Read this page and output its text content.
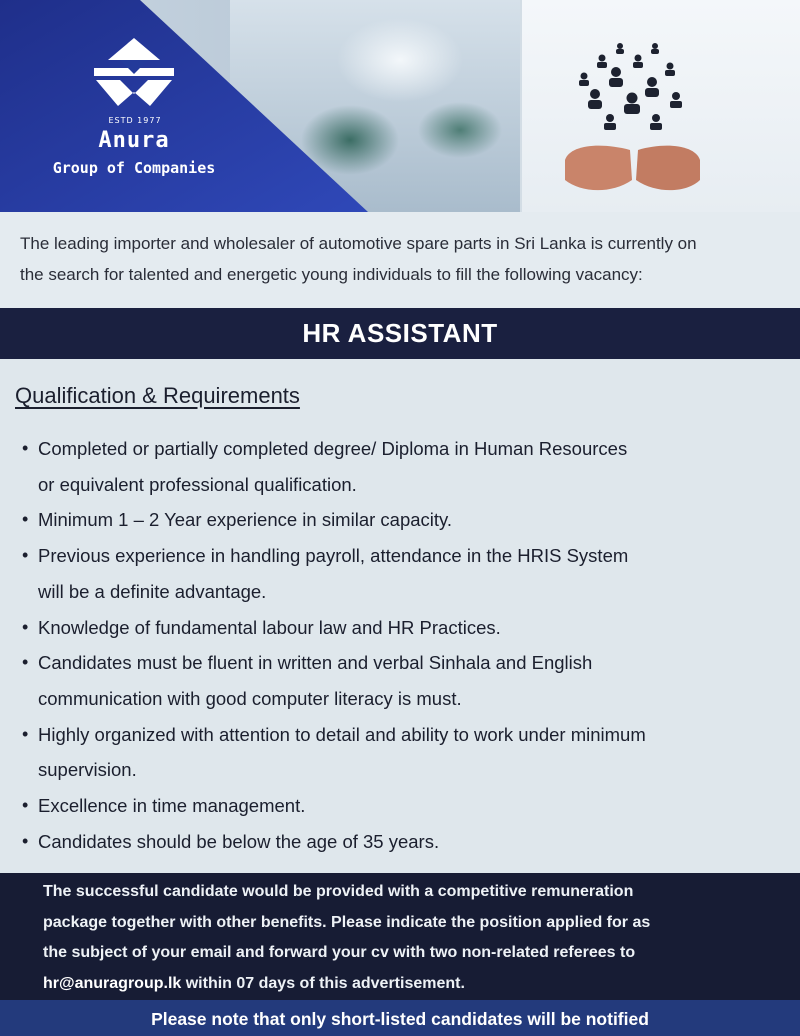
ESTD 1977
Anura
Group of Companies
The leading importer and wholesaler of automotive spare parts in Sri Lanka is currently on
the search for talented and energetic young individuals to fill the following vacancy:
HR ASSISTANT
Qualification & Requirements
• Completed or partially completed degree/ Diploma in Human Resources
or equivalent professional qualification.
• Minimum 1 – 2 Year experience in similar capacity.
• Previous experience in handling payroll, attendance in the HRIS System
will be a definite advantage.
• Knowledge of fundamental labour law and HR Practices.
• Candidates must be fluent in written and verbal Sinhala and English
communication with good computer literacy is must.
• Highly organized with attention to detail and ability to work under minimum
supervision.
• Excellence in time management.
• Candidates should be below the age of 35 years.
The successful candidate would be provided with a competitive remuneration
package together with other benefits. Please indicate the position applied for as
the subject of your email and forward your cv with two non-related referees to
hr@anuragroup.lk within 07 days of this advertisement.
Please note that only short-listed candidates will be notified
